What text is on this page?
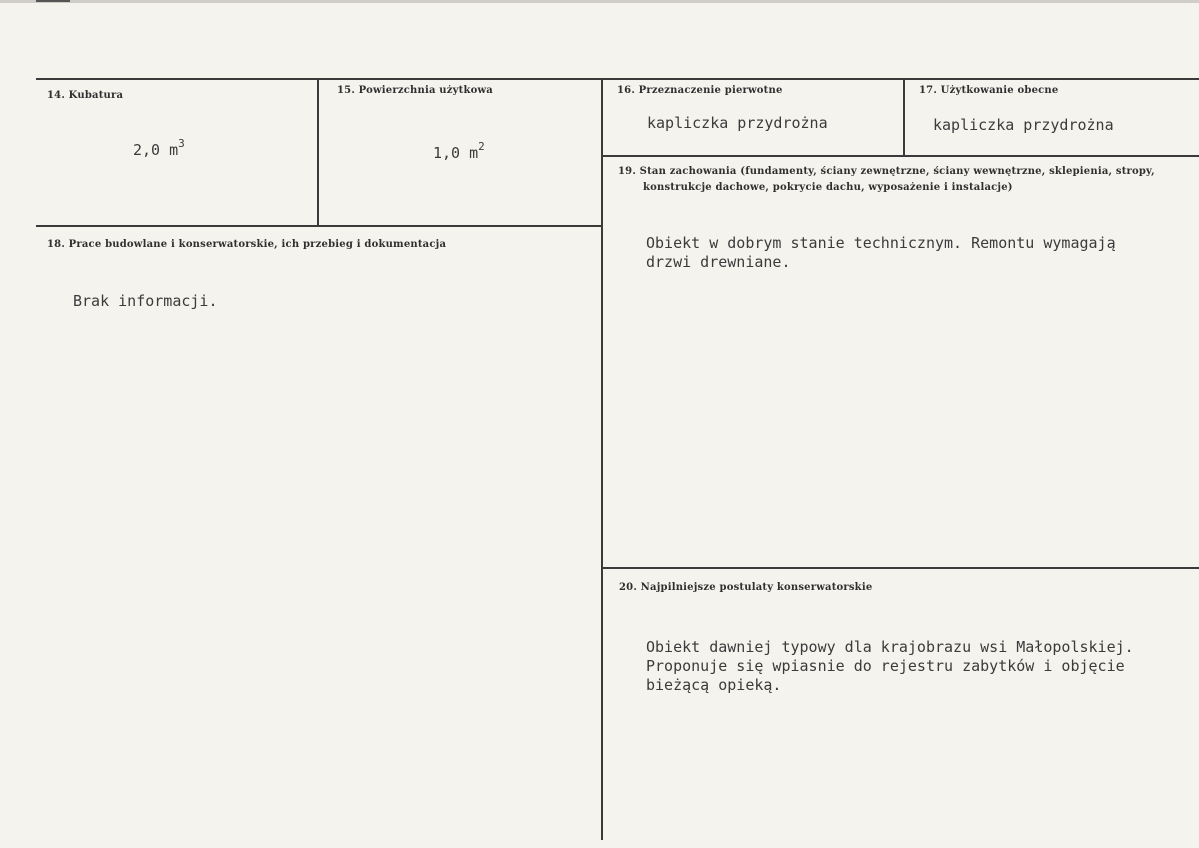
14. Kubatura
2,0 $m^3$
15. Powierzchnia użytkowa
1,0 $m^2$
16. Przeznaczenie pierwotne
kapliczka przydrożna
17. Użytkowanie obecne
kapliczka przydrożna
18. Prace budowlane i konserwatorskie, ich przebieg i dokumentacja
Brak informacji.
19. Stan zachowania (fundamenty, ściany zewnętrzne, ściany wewnętrzne, sklepienia, stropy,
konstrukcje dachowe, pokrycie dachu, wyposażenie i instalacje)
Obiekt w dobrym stanie technicznym. Remontu wymagają
drzwi drewniane.
20. Najpilniejsze postulaty konserwatorskie
Obiekt dawniej typowy dla krajobrazu wsi Małopolskiej.
Proponuje się wpiasnie do rejestru zabytków i objęcie
bieżącą opieką.
